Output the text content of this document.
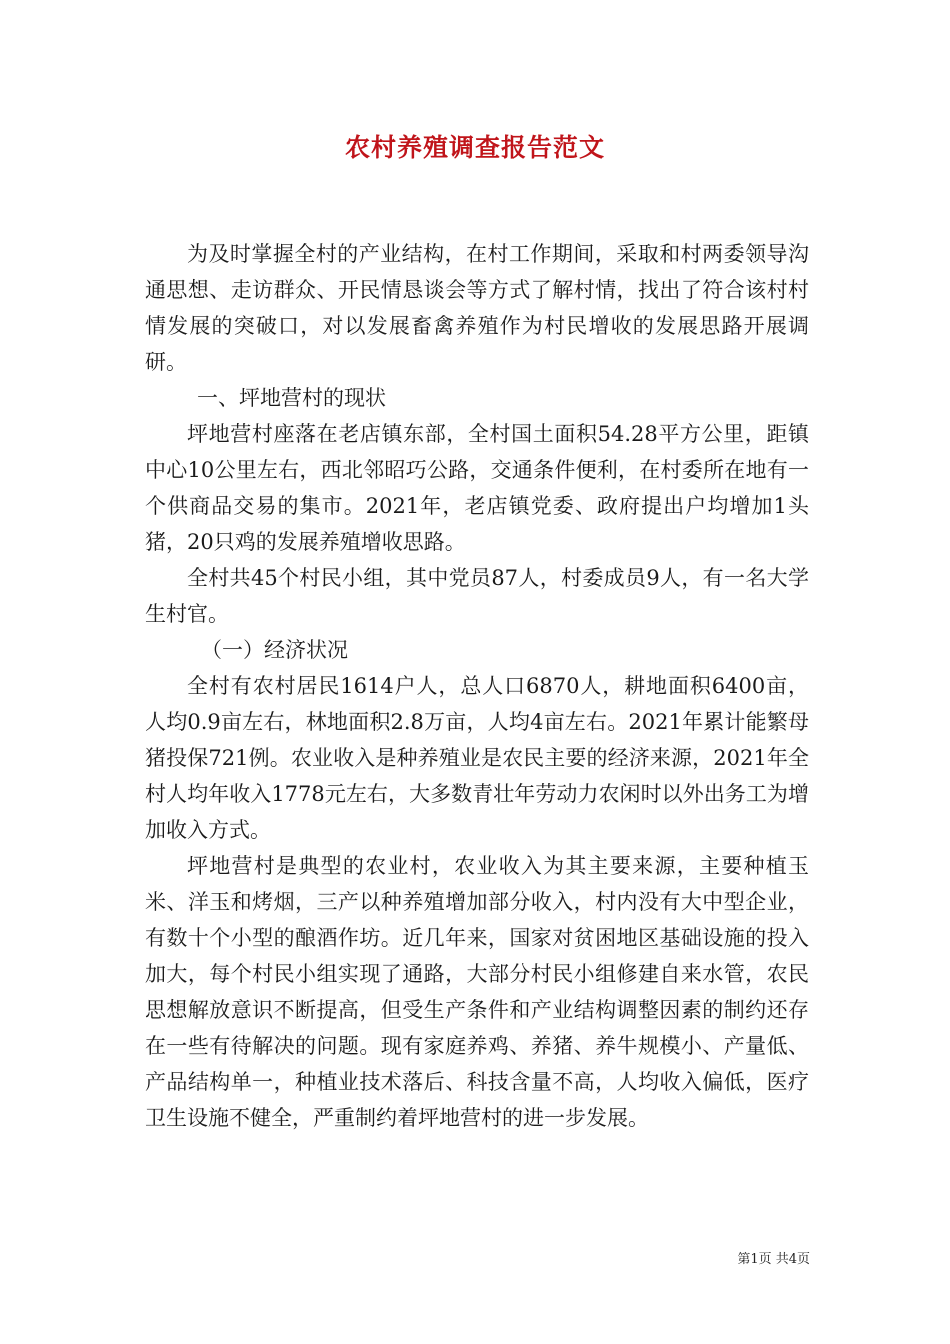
农村养殖调查报告范文

为及时掌握全村的产业结构，在村工作期间，采取和村两委领导沟通思想、走访群众、开民情恳谈会等方式了解村情，找出了符合该村村情发展的突破口，对以发展畜禽养殖作为村民增收的发展思路开展调研。

一、坪地营村的现状

坪地营村座落在老店镇东部，全村国土面积54.28平方公里，距镇中心10公里左右，西北邻昭巧公路，交通条件便利，在村委所在地有一个供商品交易的集市。2021年，老店镇党委、政府提出户均增加1头猪，20只鸡的发展养殖增收思路。

全村共45个村民小组，其中党员87人，村委成员9人，有一名大学生村官。

（一）经济状况

全村有农村居民1614户人，总人口6870人，耕地面积6400亩，人均0.9亩左右，林地面积2.8万亩，人均4亩左右。2021年累计能繁母猪投保721例。农业收入是种养殖业是农民主要的经济来源，2021年全村人均年收入1778元左右，大多数青壮年劳动力农闲时以外出务工为增加收入方式。

坪地营村是典型的农业村，农业收入为其主要来源，主要种植玉米、洋玉和烤烟，三产以种养殖增加部分收入，村内没有大中型企业，有数十个小型的酿酒作坊。近几年来，国家对贫困地区基础设施的投入加大，每个村民小组实现了通路，大部分村民小组修建自来水管，农民思想解放意识不断提高，但受生产条件和产业结构调整因素的制约还存在一些有待解决的问题。现有家庭养鸡、养猪、养牛规模小、产量低、产品结构单一，种植业技术落后、科技含量不高，人均收入偏低，医疗卫生设施不健全，严重制约着坪地营村的进一步发展。

第1页 共4页
